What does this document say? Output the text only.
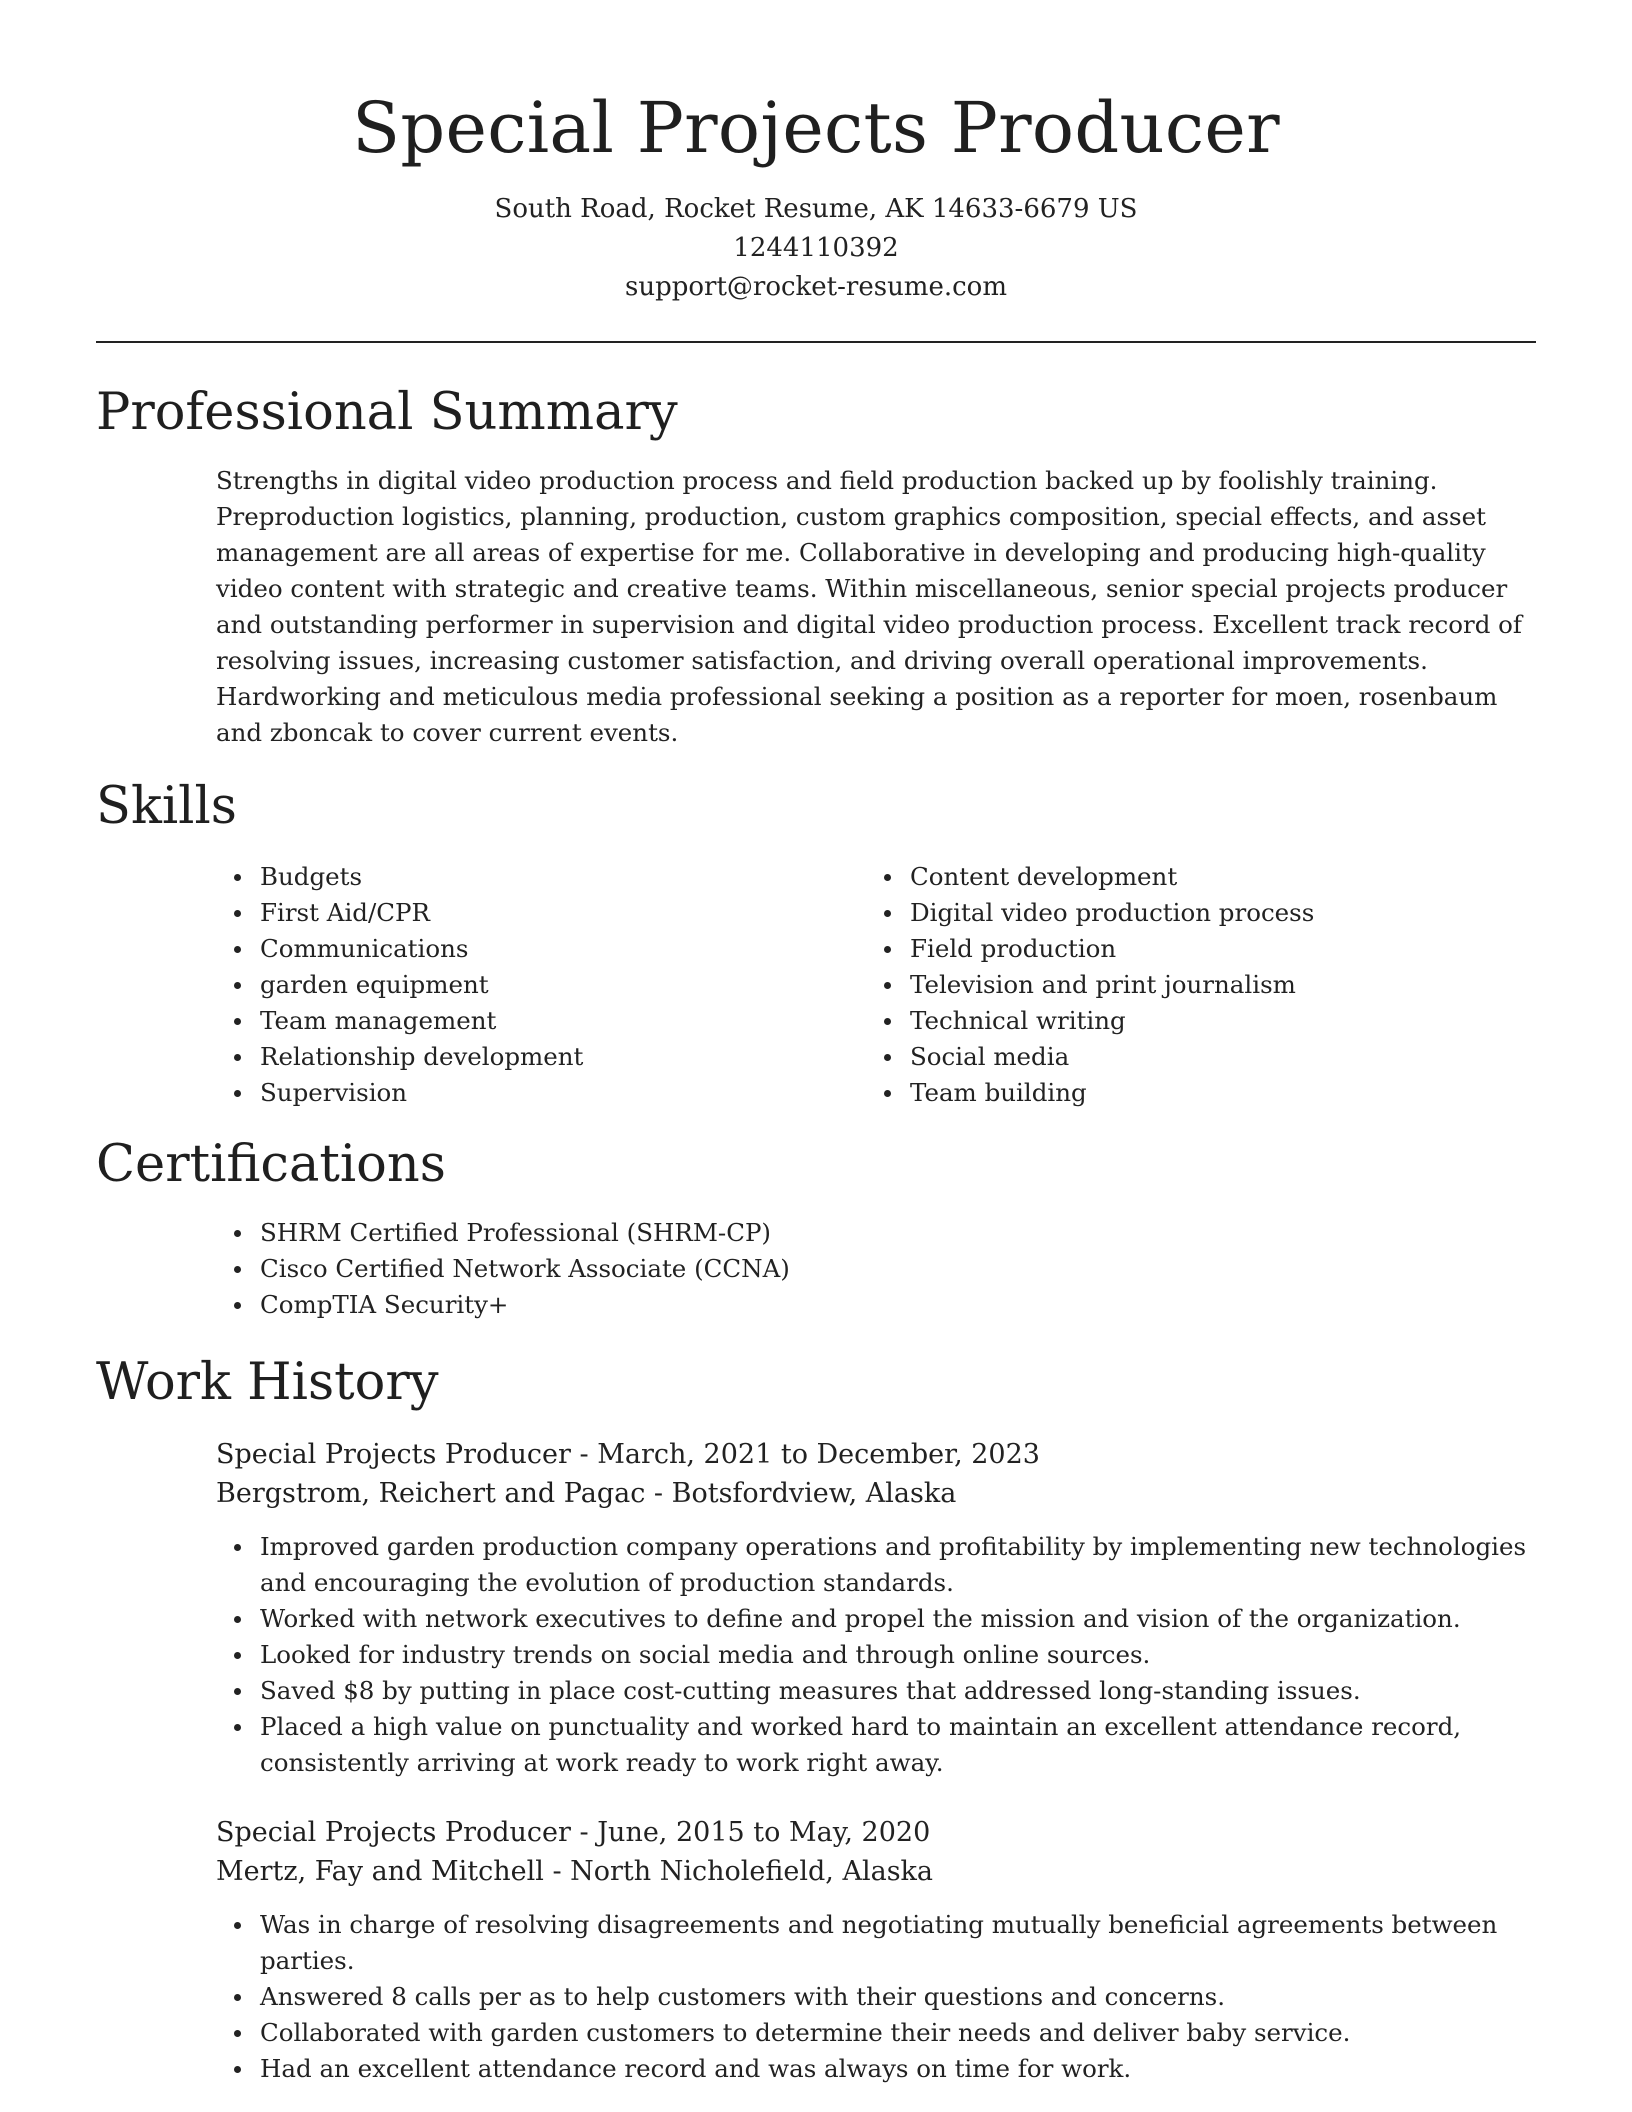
Special Projects Producer
South Road, Rocket Resume, AK 14633-6679 US
1244110392
support@rocket-resume.com
Professional Summary
Strengths in digital video production process and field production backed up by foolishly training. Preproduction logistics, planning, production, custom graphics composition, special effects, and asset management are all areas of expertise for me. Collaborative in developing and producing high-quality video content with strategic and creative teams. Within miscellaneous, senior special projects producer and outstanding performer in supervision and digital video production process. Excellent track record of resolving issues, increasing customer satisfaction, and driving overall operational improvements. Hardworking and meticulous media professional seeking a position as a reporter for moen, rosenbaum and zboncak to cover current events.
Skills
Budgets
First Aid/CPR
Communications
garden equipment
Team management
Relationship development
Supervision
Content development
Digital video production process
Field production
Television and print journalism
Technical writing
Social media
Team building
Certifications
SHRM Certified Professional (SHRM-CP)
Cisco Certified Network Associate (CCNA)
CompTIA Security+
Work History
Special Projects Producer - March, 2021 to December, 2023
Bergstrom, Reichert and Pagac - Botsfordview, Alaska
Improved garden production company operations and profitability by implementing new technologies and encouraging the evolution of production standards.
Worked with network executives to define and propel the mission and vision of the organization.
Looked for industry trends on social media and through online sources.
Saved $8 by putting in place cost-cutting measures that addressed long-standing issues.
Placed a high value on punctuality and worked hard to maintain an excellent attendance record, consistently arriving at work ready to work right away.
Special Projects Producer - June, 2015 to May, 2020
Mertz, Fay and Mitchell - North Nicholefield, Alaska
Was in charge of resolving disagreements and negotiating mutually beneficial agreements between parties.
Answered 8 calls per as to help customers with their questions and concerns.
Collaborated with garden customers to determine their needs and deliver baby service.
Had an excellent attendance record and was always on time for work.
